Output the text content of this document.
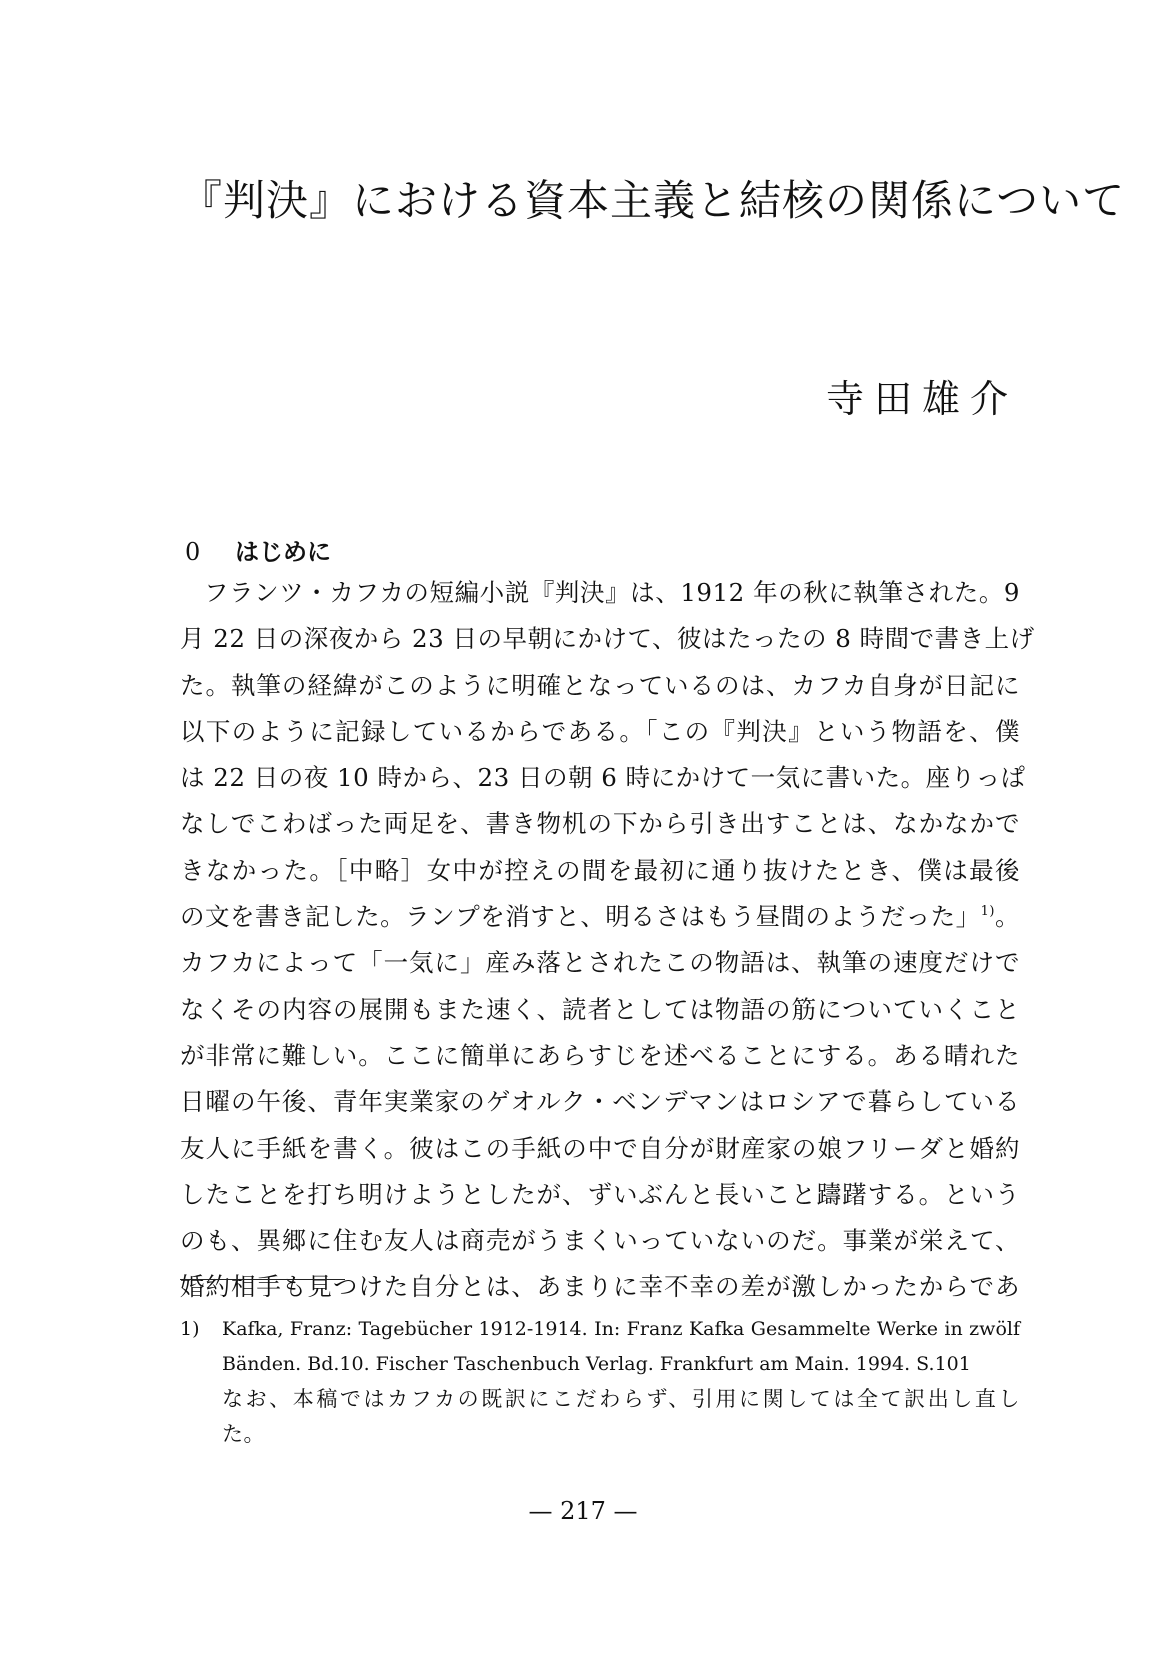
『判決』における資本主義と結核の関係について
寺田雄介
0 はじめに
フランツ・カフカの短編小説『判決』は、1912 年の秋に執筆された。9
月 22 日の深夜から 23 日の早朝にかけて、彼はたったの 8 時間で書き上げ
た。執筆の経緯がこのように明確となっているのは、カフカ自身が日記に
以下のように記録しているからである。「この『判決』という物語を、僕
は 22 日の夜 10 時から、23 日の朝 6 時にかけて一気に書いた。座りっぱ
なしでこわばった両足を、書き物机の下から引き出すことは、なかなかで
きなかった。［中略］女中が控えの間を最初に通り抜けたとき、僕は最後
の文を書き記した。ランプを消すと、明るさはもう昼間のようだった」$^{1)}$。
カフカによって「一気に」産み落とされたこの物語は、執筆の速度だけで
なくその内容の展開もまた速く、読者としては物語の筋についていくこと
が非常に難しい。ここに簡単にあらすじを述べることにする。ある晴れた
日曜の午後、青年実業家のゲオルク・ベンデマンはロシアで暮らしている
友人に手紙を書く。彼はこの手紙の中で自分が財産家の娘フリーダと婚約
したことを打ち明けようとしたが、ずいぶんと長いこと躊躇する。という
のも、異郷に住む友人は商売がうまくいっていないのだ。事業が栄えて、
婚約相手も見つけた自分とは、あまりに幸不幸の差が激しかったからであ
1) Kafka, Franz: Tagebücher 1912-1914. In: Franz Kafka Gesammelte Werke in zwölf
Bänden. Bd.10. Fischer Taschenbuch Verlag. Frankfurt am Main. 1994. S.101
なお、本稿ではカフカの既訳にこだわらず、引用に関しては全て訳出し直し
た。
— 217 —
